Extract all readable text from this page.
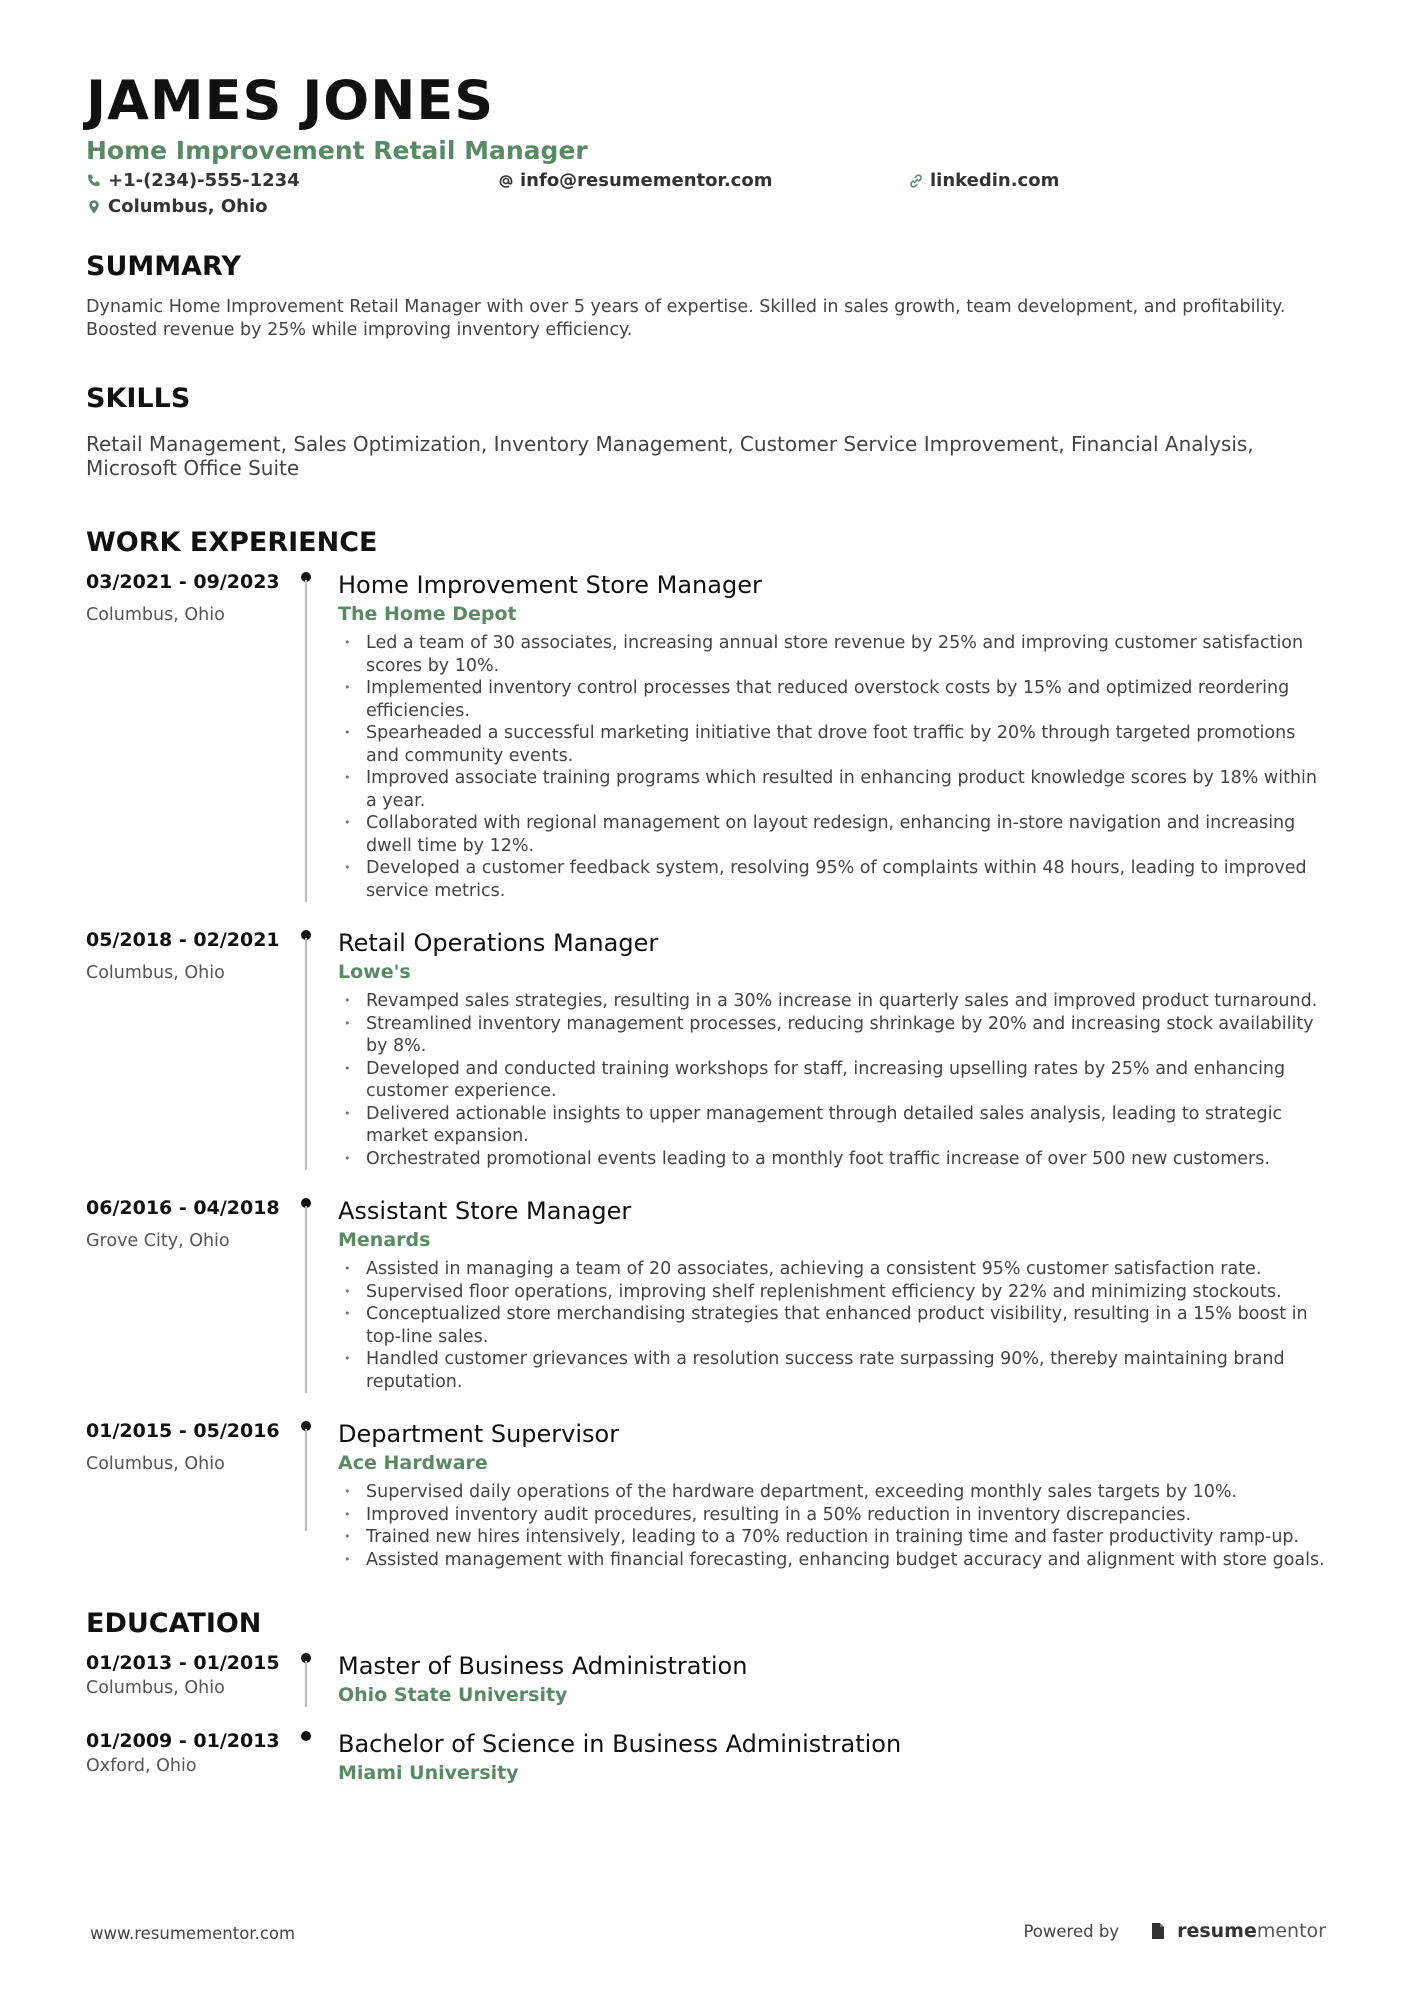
JAMES JONES
Home Improvement Retail Manager
+1-(234)-555-1234	info@resumementor.com	linkedin.com
Columbus, Ohio
SUMMARY
Dynamic Home Improvement Retail Manager with over 5 years of expertise. Skilled in sales growth, team development, and profitability. Boosted revenue by 25% while improving inventory efficiency.
SKILLS
Retail Management, Sales Optimization, Inventory Management, Customer Service Improvement, Financial Analysis, Microsoft Office Suite
WORK EXPERIENCE
03/2021 - 09/2023
Columbus, Ohio
Home Improvement Store Manager
The Home Depot
• Led a team of 30 associates, increasing annual store revenue by 25% and improving customer satisfaction scores by 10%.
• Implemented inventory control processes that reduced overstock costs by 15% and optimized reordering efficiencies.
• Spearheaded a successful marketing initiative that drove foot traffic by 20% through targeted promotions and community events.
• Improved associate training programs which resulted in enhancing product knowledge scores by 18% within a year.
• Collaborated with regional management on layout redesign, enhancing in-store navigation and increasing dwell time by 12%.
• Developed a customer feedback system, resolving 95% of complaints within 48 hours, leading to improved service metrics.
05/2018 - 02/2021
Columbus, Ohio
Retail Operations Manager
Lowe's
• Revamped sales strategies, resulting in a 30% increase in quarterly sales and improved product turnaround.
• Streamlined inventory management processes, reducing shrinkage by 20% and increasing stock availability by 8%.
• Developed and conducted training workshops for staff, increasing upselling rates by 25% and enhancing customer experience.
• Delivered actionable insights to upper management through detailed sales analysis, leading to strategic market expansion.
• Orchestrated promotional events leading to a monthly foot traffic increase of over 500 new customers.
06/2016 - 04/2018
Grove City, Ohio
Assistant Store Manager
Menards
• Assisted in managing a team of 20 associates, achieving a consistent 95% customer satisfaction rate.
• Supervised floor operations, improving shelf replenishment efficiency by 22% and minimizing stockouts.
• Conceptualized store merchandising strategies that enhanced product visibility, resulting in a 15% boost in top-line sales.
• Handled customer grievances with a resolution success rate surpassing 90%, thereby maintaining brand reputation.
01/2015 - 05/2016
Columbus, Ohio
Department Supervisor
Ace Hardware
• Supervised daily operations of the hardware department, exceeding monthly sales targets by 10%.
• Improved inventory audit procedures, resulting in a 50% reduction in inventory discrepancies.
• Trained new hires intensively, leading to a 70% reduction in training time and faster productivity ramp-up.
• Assisted management with financial forecasting, enhancing budget accuracy and alignment with store goals.
EDUCATION
01/2013 - 01/2015
Columbus, Ohio
Master of Business Administration
Ohio State University
01/2009 - 01/2013
Oxford, Ohio
Bachelor of Science in Business Administration
Miami University
www.resumementor.com	Powered by	resumementor
